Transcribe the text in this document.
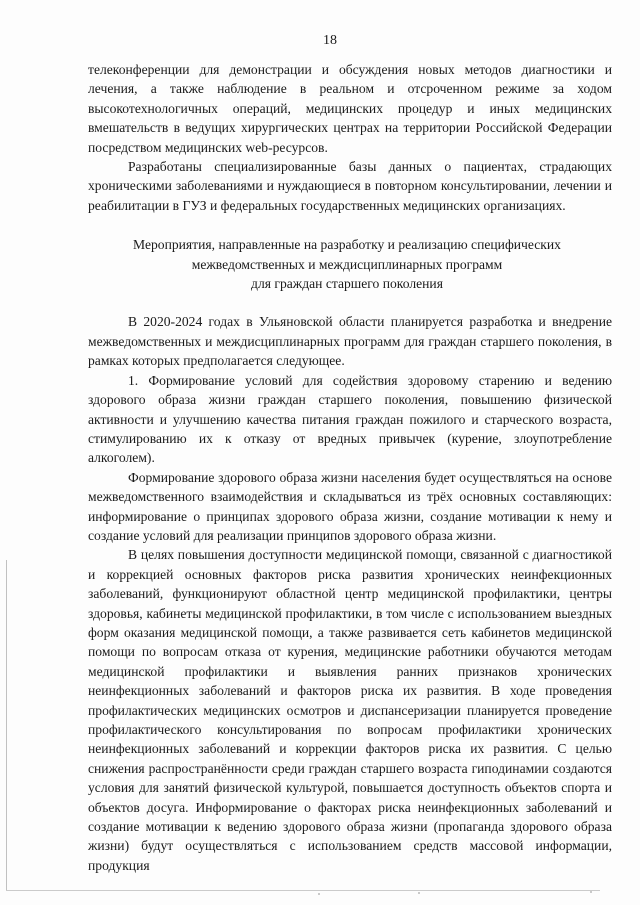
18

телеконференции для демонстрации и обсуждения новых методов диагностики и лечения, а также наблюдение в реальном и отсроченном режиме за ходом высокотехнологичных операций, медицинских процедур и иных медицинских вмешательств в ведущих хирургических центрах на территории Российской Федерации посредством медицинских web-ресурсов.

Разработаны специализированные базы данных о пациентах, страдающих хроническими заболеваниями и нуждающиеся в повторном консультировании, лечении и реабилитации в ГУЗ и федеральных государственных медицинских организациях.

Мероприятия, направленные на разработку и реализацию специфических
межведомственных и междисциплинарных программ
для граждан старшего поколения

В 2020-2024 годах в Ульяновской области планируется разработка и внедрение межведомственных и междисциплинарных программ для граждан старшего поколения, в рамках которых предполагается следующее.

1. Формирование условий для содействия здоровому старению и ведению здорового образа жизни граждан старшего поколения, повышению физической активности и улучшению качества питания граждан пожилого и старческого возраста, стимулированию их к отказу от вредных привычек (курение, злоупотребление алкоголем).

Формирование здорового образа жизни населения будет осуществляться на основе межведомственного взаимодействия и складываться из трёх основных составляющих: информирование о принципах здорового образа жизни, создание мотивации к нему и создание условий для реализации принципов здорового образа жизни.

В целях повышения доступности медицинской помощи, связанной с диагностикой и коррекцией основных факторов риска развития хронических неинфекционных заболеваний, функционируют областной центр медицинской профилактики, центры здоровья, кабинеты медицинской профилактики, в том числе с использованием выездных форм оказания медицинской помощи, а также развивается сеть кабинетов медицинской помощи по вопросам отказа от курения, медицинские работники обучаются методам медицинской профилактики и выявления ранних признаков хронических неинфекционных заболеваний и факторов риска их развития. В ходе проведения профилактических медицинских осмотров и диспансеризации планируется проведение профилактического консультирования по вопросам профилактики хронических неинфекционных заболеваний и коррекции факторов риска их развития. С целью снижения распространённости среди граждан старшего возраста гиподинамии создаются условия для занятий физической культурой, повышается доступность объектов спорта и объектов досуга. Информирование о факторах риска неинфекционных заболеваний и создание мотивации к ведению здорового образа жизни (пропаганда здорового образа жизни) будут осуществляться с использованием средств массовой информации, продукция
